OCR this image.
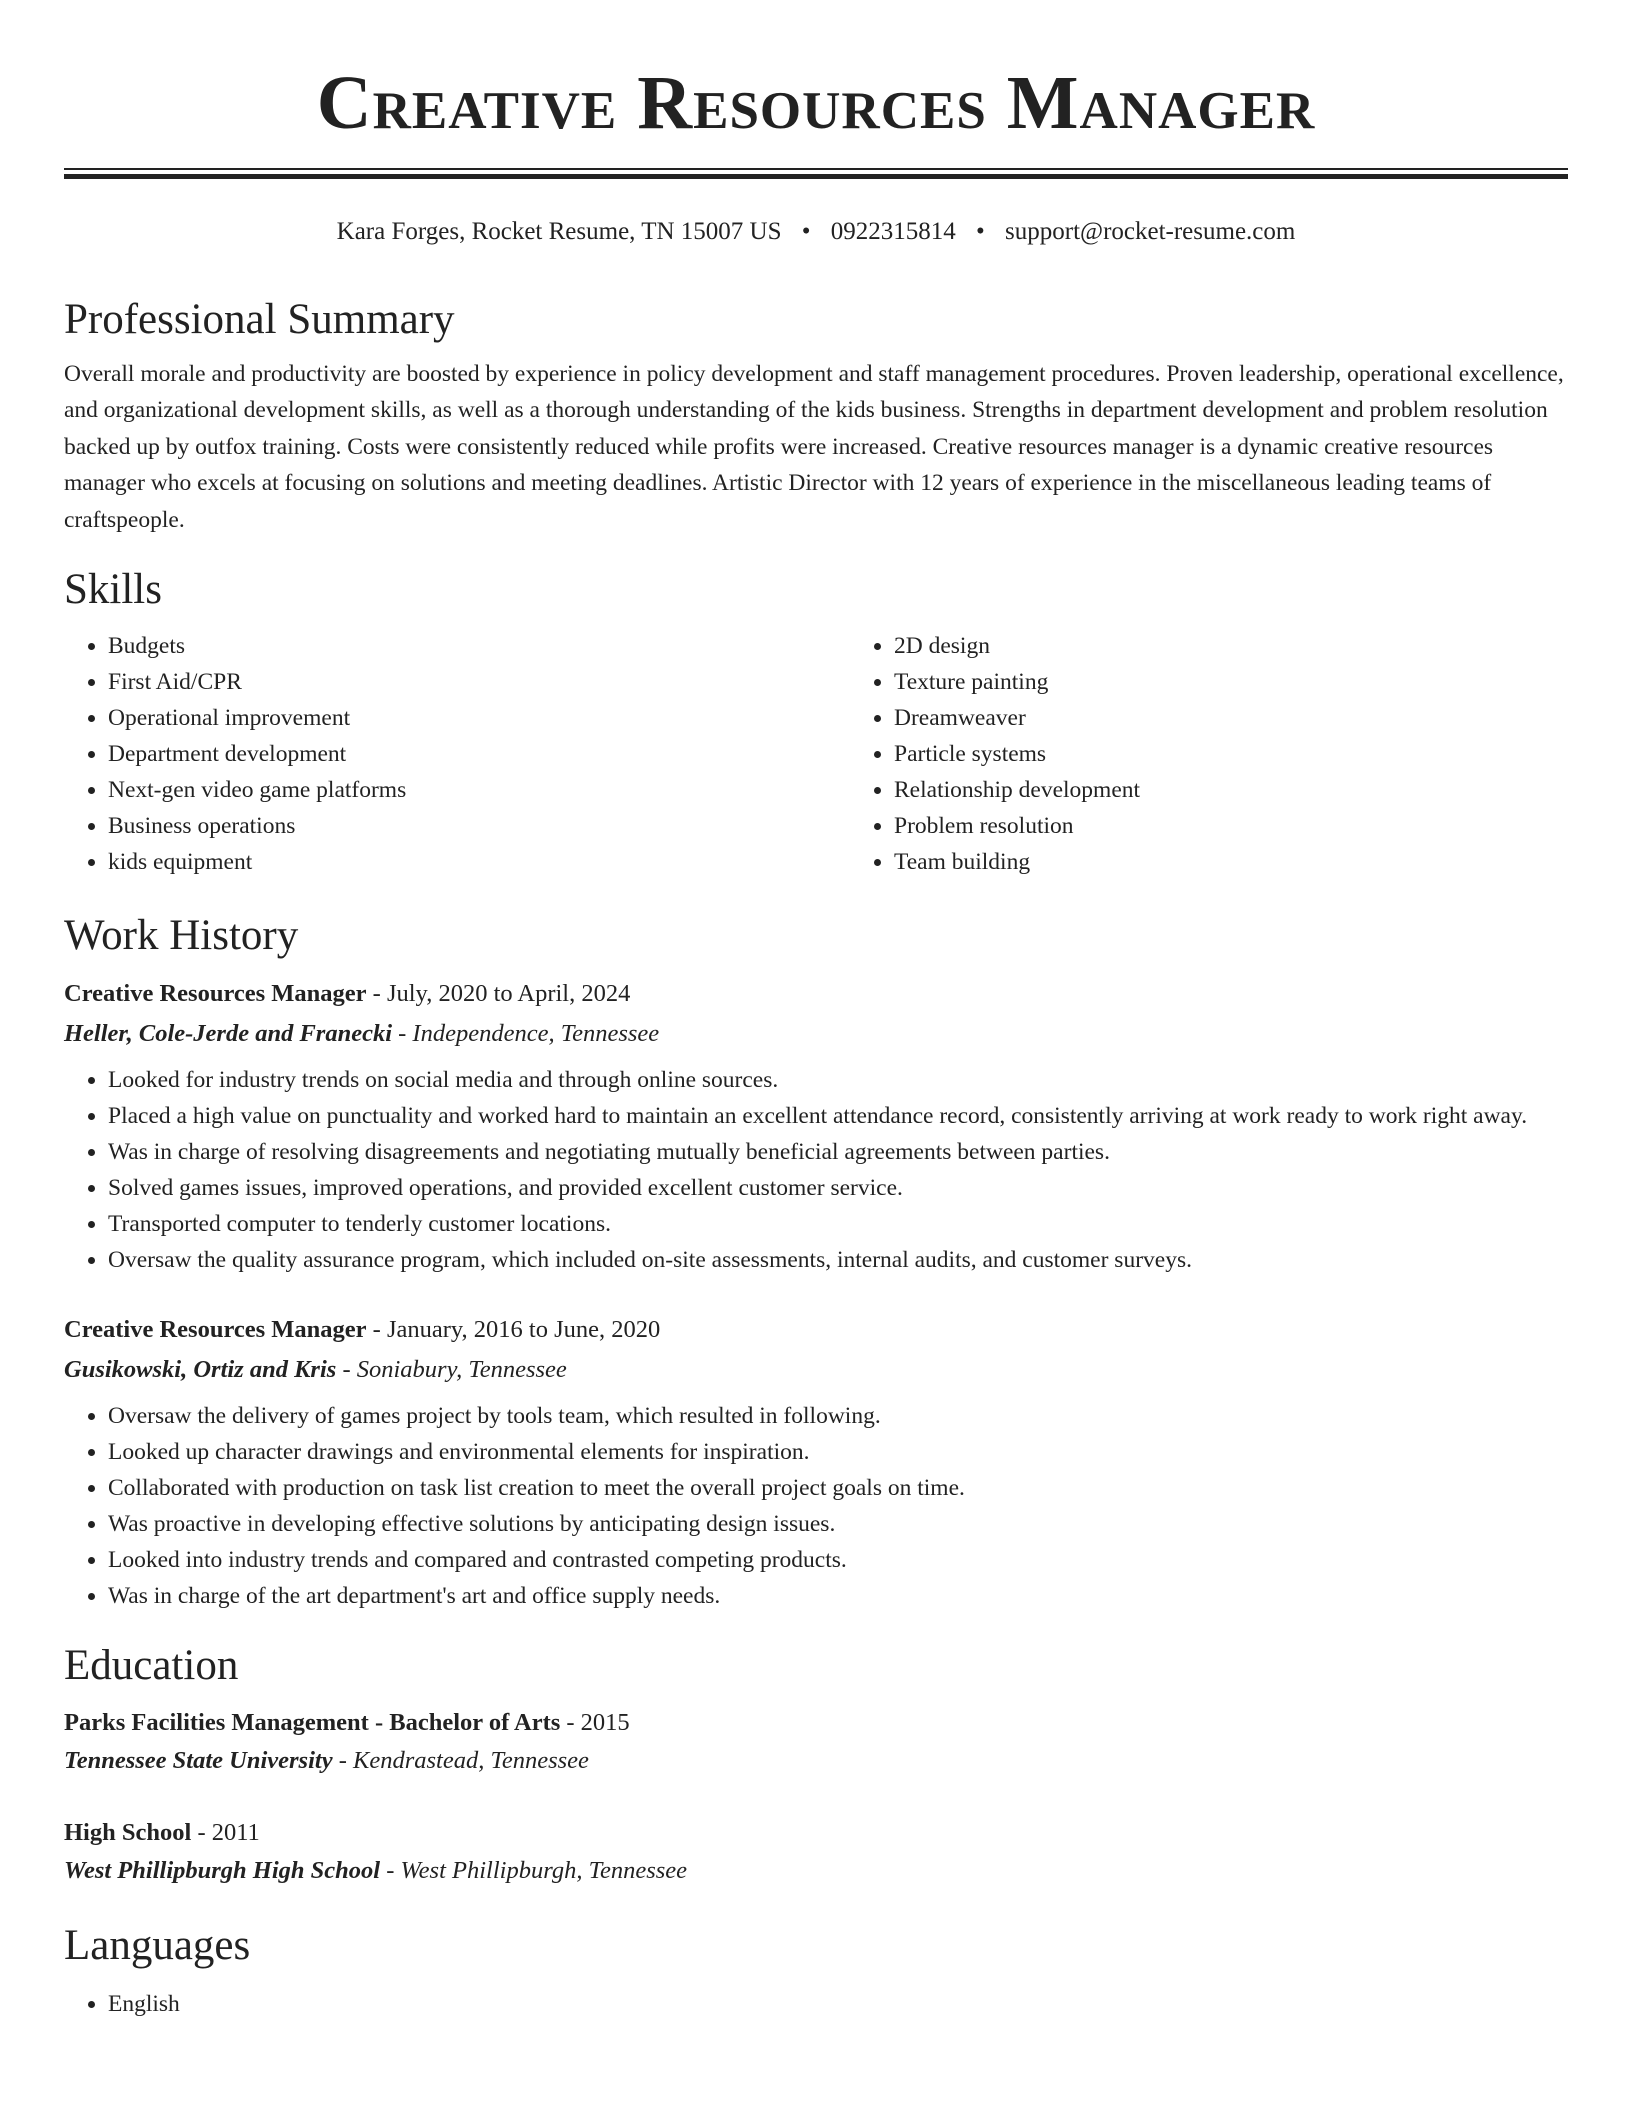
Creative Resources Manager
Kara Forges, Rocket Resume, TN 15007 US • 0922315814 • support@rocket-resume.com
Professional Summary

Overall morale and productivity are boosted by experience in policy development and staff management procedures. Proven leadership, operational excellence, and organizational development skills, as well as a thorough understanding of the kids business. Strengths in department development and problem resolution backed up by outfox training. Costs were consistently reduced while profits were increased. Creative resources manager is a dynamic creative resources manager who excels at focusing on solutions and meeting deadlines. Artistic Director with 12 years of experience in the miscellaneous leading teams of craftspeople.

Skills
• Budgets
• First Aid/CPR
• Operational improvement
• Department development
• Next-gen video game platforms
• Business operations
• kids equipment
• 2D design
• Texture painting
• Dreamweaver
• Particle systems
• Relationship development
• Problem resolution
• Team building
Work History
Creative Resources Manager - July, 2020 to April, 2024
Heller, Cole-Jerde and Franecki - Independence, Tennessee
• Looked for industry trends on social media and through online sources.
• Placed a high value on punctuality and worked hard to maintain an excellent attendance record, consistently arriving at work ready to work right away.
• Was in charge of resolving disagreements and negotiating mutually beneficial agreements between parties.
• Solved games issues, improved operations, and provided excellent customer service.
• Transported computer to tenderly customer locations.
• Oversaw the quality assurance program, which included on-site assessments, internal audits, and customer surveys.
Creative Resources Manager - January, 2016 to June, 2020
Gusikowski, Ortiz and Kris - Soniabury, Tennessee
• Oversaw the delivery of games project by tools team, which resulted in following.
• Looked up character drawings and environmental elements for inspiration.
• Collaborated with production on task list creation to meet the overall project goals on time.
• Was proactive in developing effective solutions by anticipating design issues.
• Looked into industry trends and compared and contrasted competing products.
• Was in charge of the art department's art and office supply needs.
Education
Parks Facilities Management - Bachelor of Arts - 2015
Tennessee State University - Kendrastead, Tennessee
High School - 2011
West Phillipburgh High School - West Phillipburgh, Tennessee
Languages
• English
